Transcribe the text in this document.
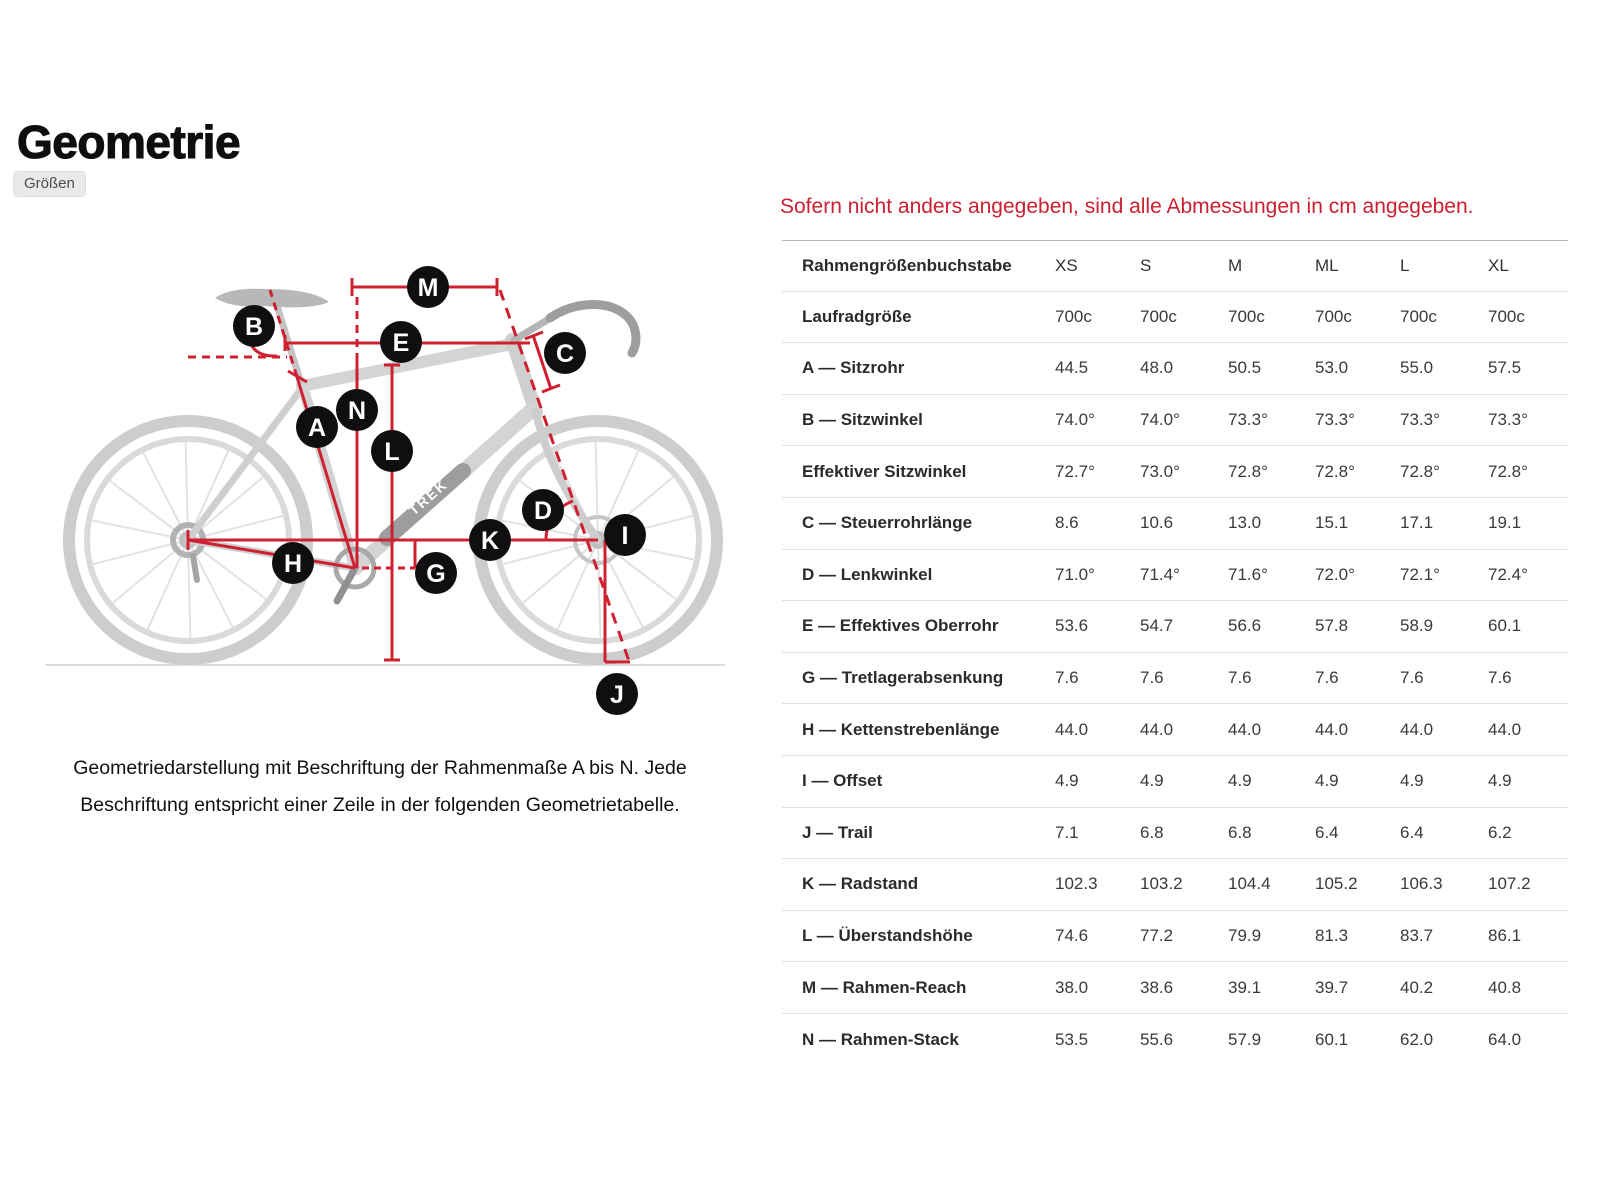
Geometrie
Größen
TREK
M
B
E	C
N
A
L
D
K	I
H	G
J
Geometriedarstellung mit Beschriftung der Rahmenmaße A bis N. Jede
Beschriftung entspricht einer Zeile in der folgenden Geometrietabelle.
Sofern nicht anders angegeben, sind alle Abmessungen in cm angegeben.
Rahmengrößenbuchstabe	XS	S	M	ML	L	XL
Laufradgröße	700c	700c	700c	700c	700c	700c
A — Sitzrohr	44.5	48.0	50.5	53.0	55.0	57.5
B — Sitzwinkel	74.0°	74.0°	73.3°	73.3°	73.3°	73.3°
Effektiver Sitzwinkel	72.7°	73.0°	72.8°	72.8°	72.8°	72.8°
C — Steuerrohrlänge	8.6	10.6	13.0	15.1	17.1	19.1
D — Lenkwinkel	71.0°	71.4°	71.6°	72.0°	72.1°	72.4°
E — Effektives Oberrohr	53.6	54.7	56.6	57.8	58.9	60.1
G — Tretlagerabsenkung	7.6	7.6	7.6	7.6	7.6	7.6
H — Kettenstrebenlänge	44.0	44.0	44.0	44.0	44.0	44.0
I — Offset	4.9	4.9	4.9	4.9	4.9	4.9
J — Trail	7.1	6.8	6.8	6.4	6.4	6.2
K — Radstand	102.3	103.2	104.4	105.2	106.3	107.2
L — Überstandshöhe	74.6	77.2	79.9	81.3	83.7	86.1
M — Rahmen-Reach	38.0	38.6	39.1	39.7	40.2	40.8
N — Rahmen-Stack	53.5	55.6	57.9	60.1	62.0	64.0
